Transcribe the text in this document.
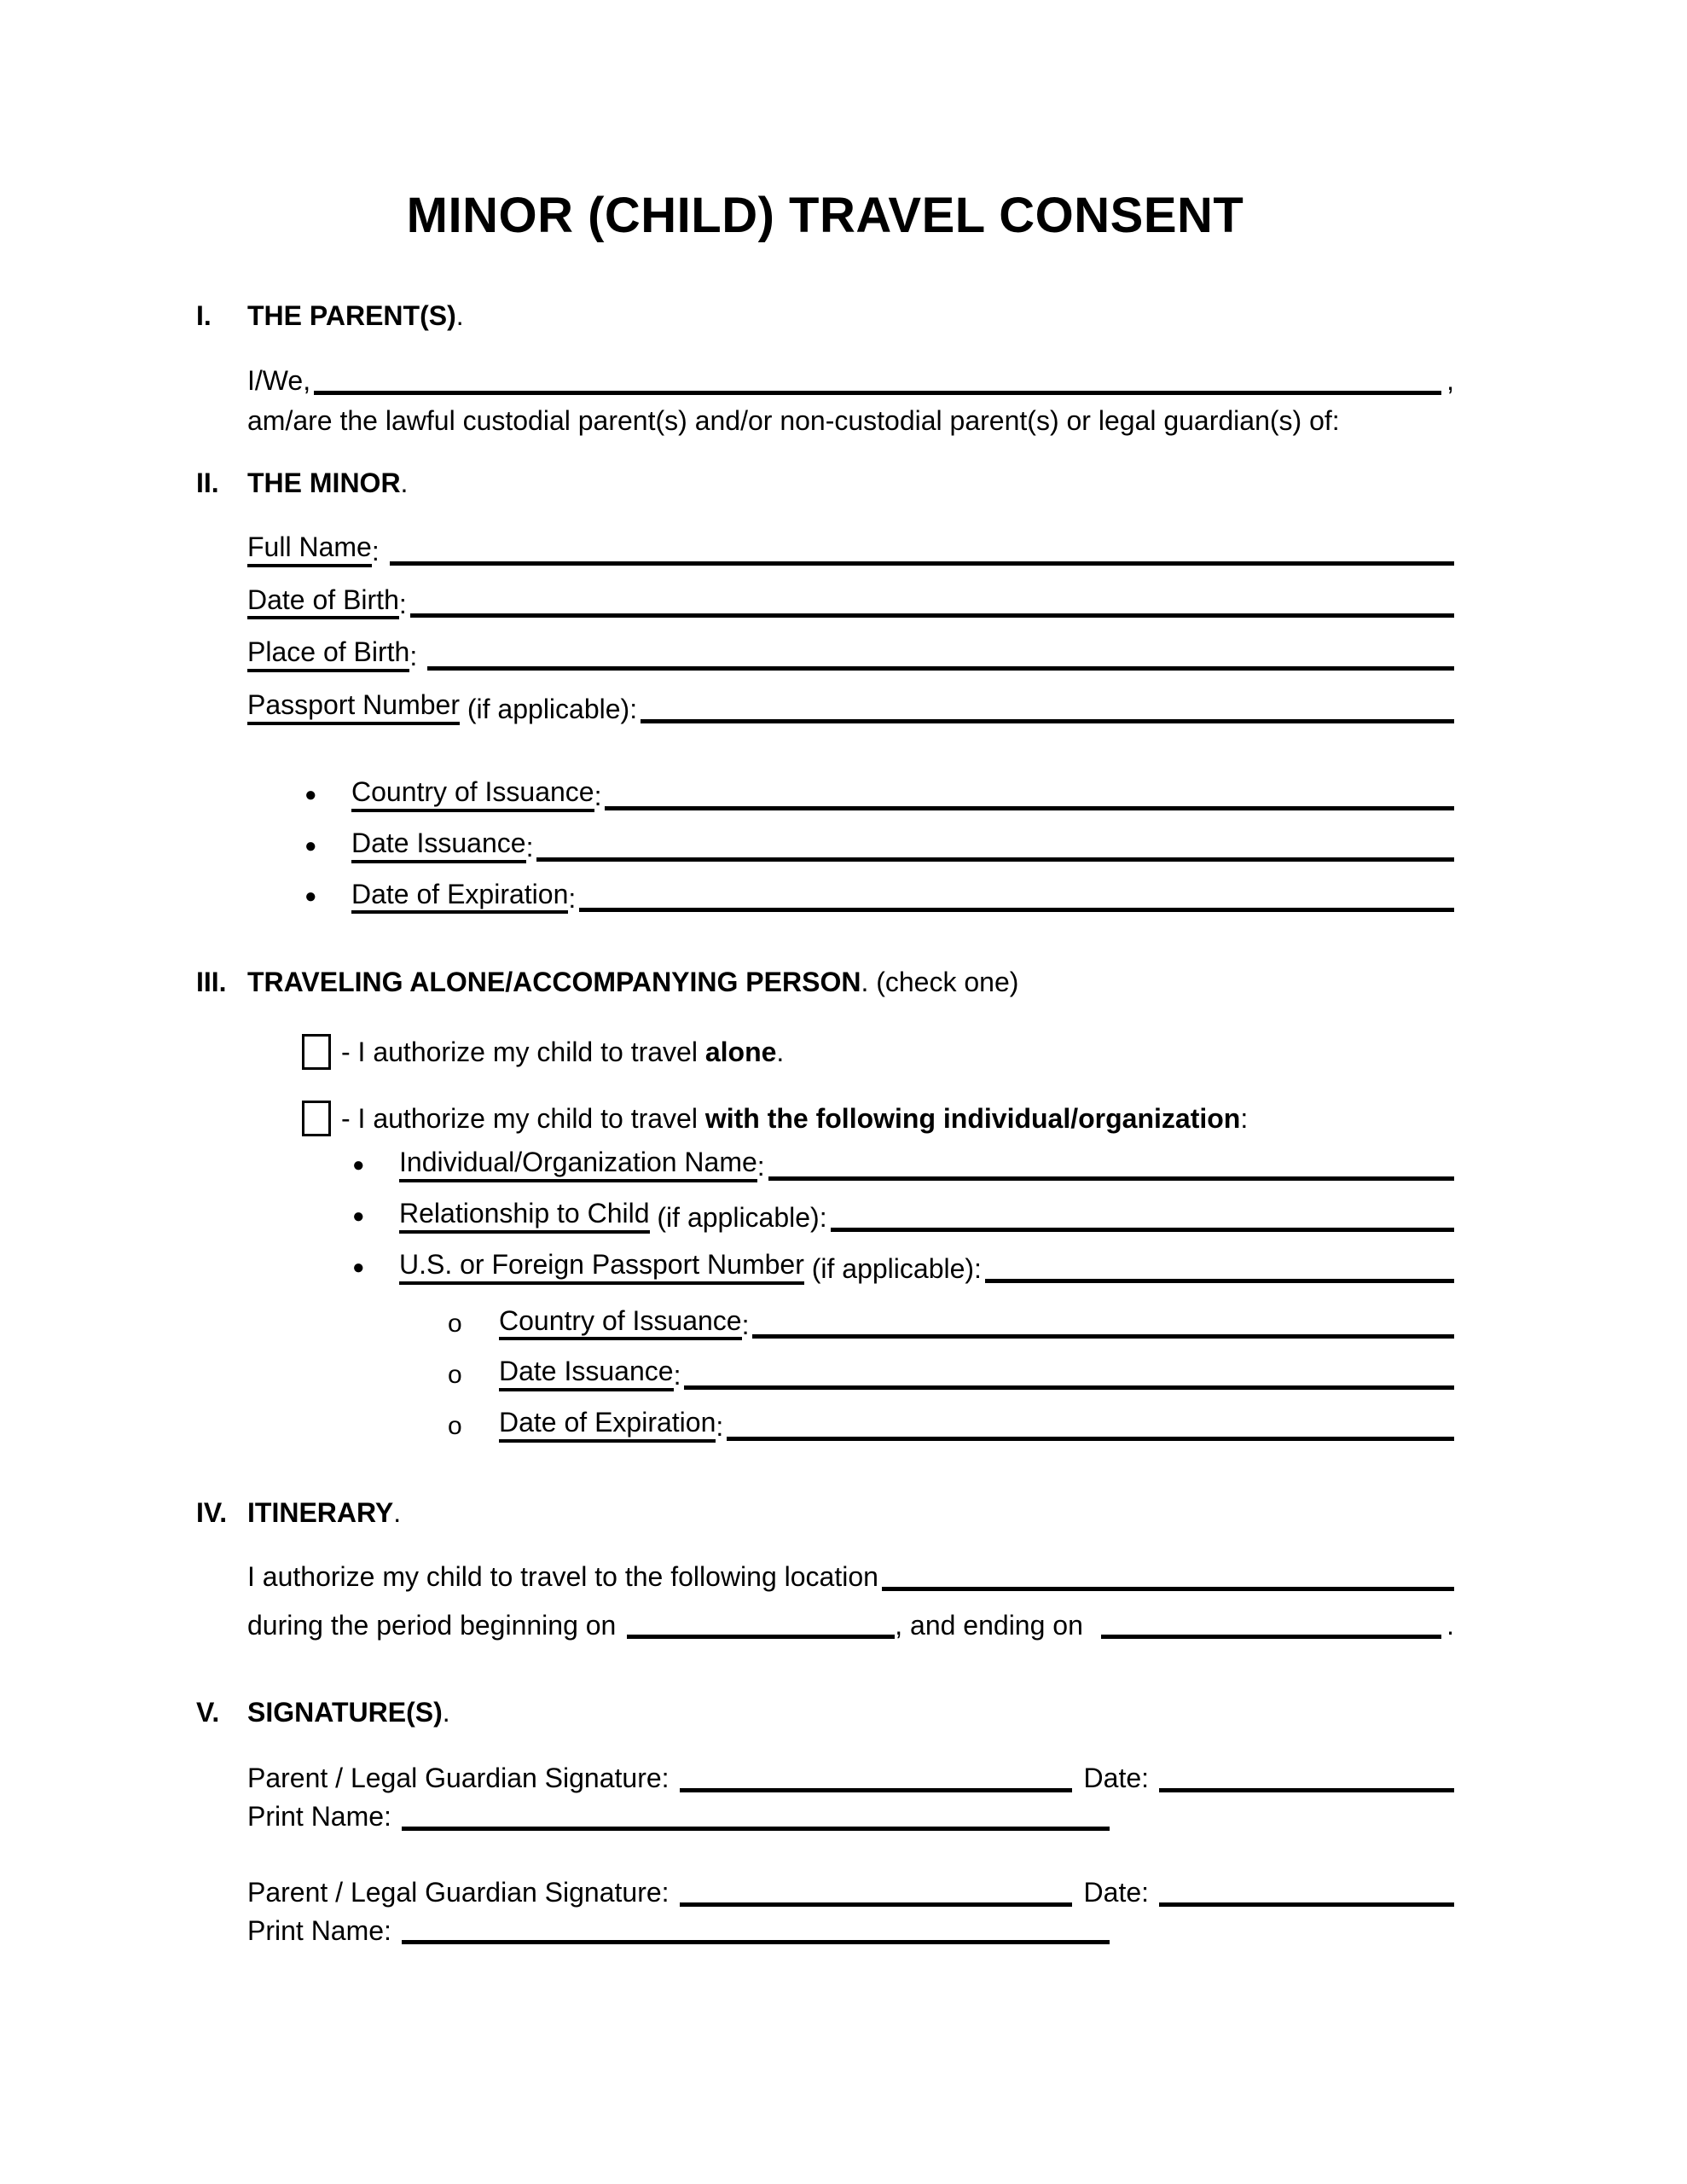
MINOR (CHILD) TRAVEL CONSENT
I.	THE PARENT(S).
I/We,	,
am/are the lawful custodial parent(s) and/or non-custodial parent(s) or legal guardian(s) of:
II.	THE MINOR.
Full Name :
Date of Birth :
Place of Birth :
Passport Number (if applicable):
●	Country of Issuance :
●	Date Issuance :
●	Date of Expiration :
III. TRAVELING ALONE/ACCOMPANYING PERSON. (check one)
- I authorize my child to travel alone.
- I authorize my child to travel with the following individual/organization:
●	Individual/Organization Name :
●	Relationship to Child (if applicable):
●	U.S. or Foreign Passport Number (if applicable):
o	Country of Issuance :
o	Date Issuance :
o	Date of Expiration :
IV. ITINERARY.
I authorize my child to travel to the following location
during the period beginning on	, and ending on	.
V.	SIGNATURE(S).
Parent / Legal Guardian Signature:	Date:
Print Name:
Parent / Legal Guardian Signature:	Date:
Print Name:
